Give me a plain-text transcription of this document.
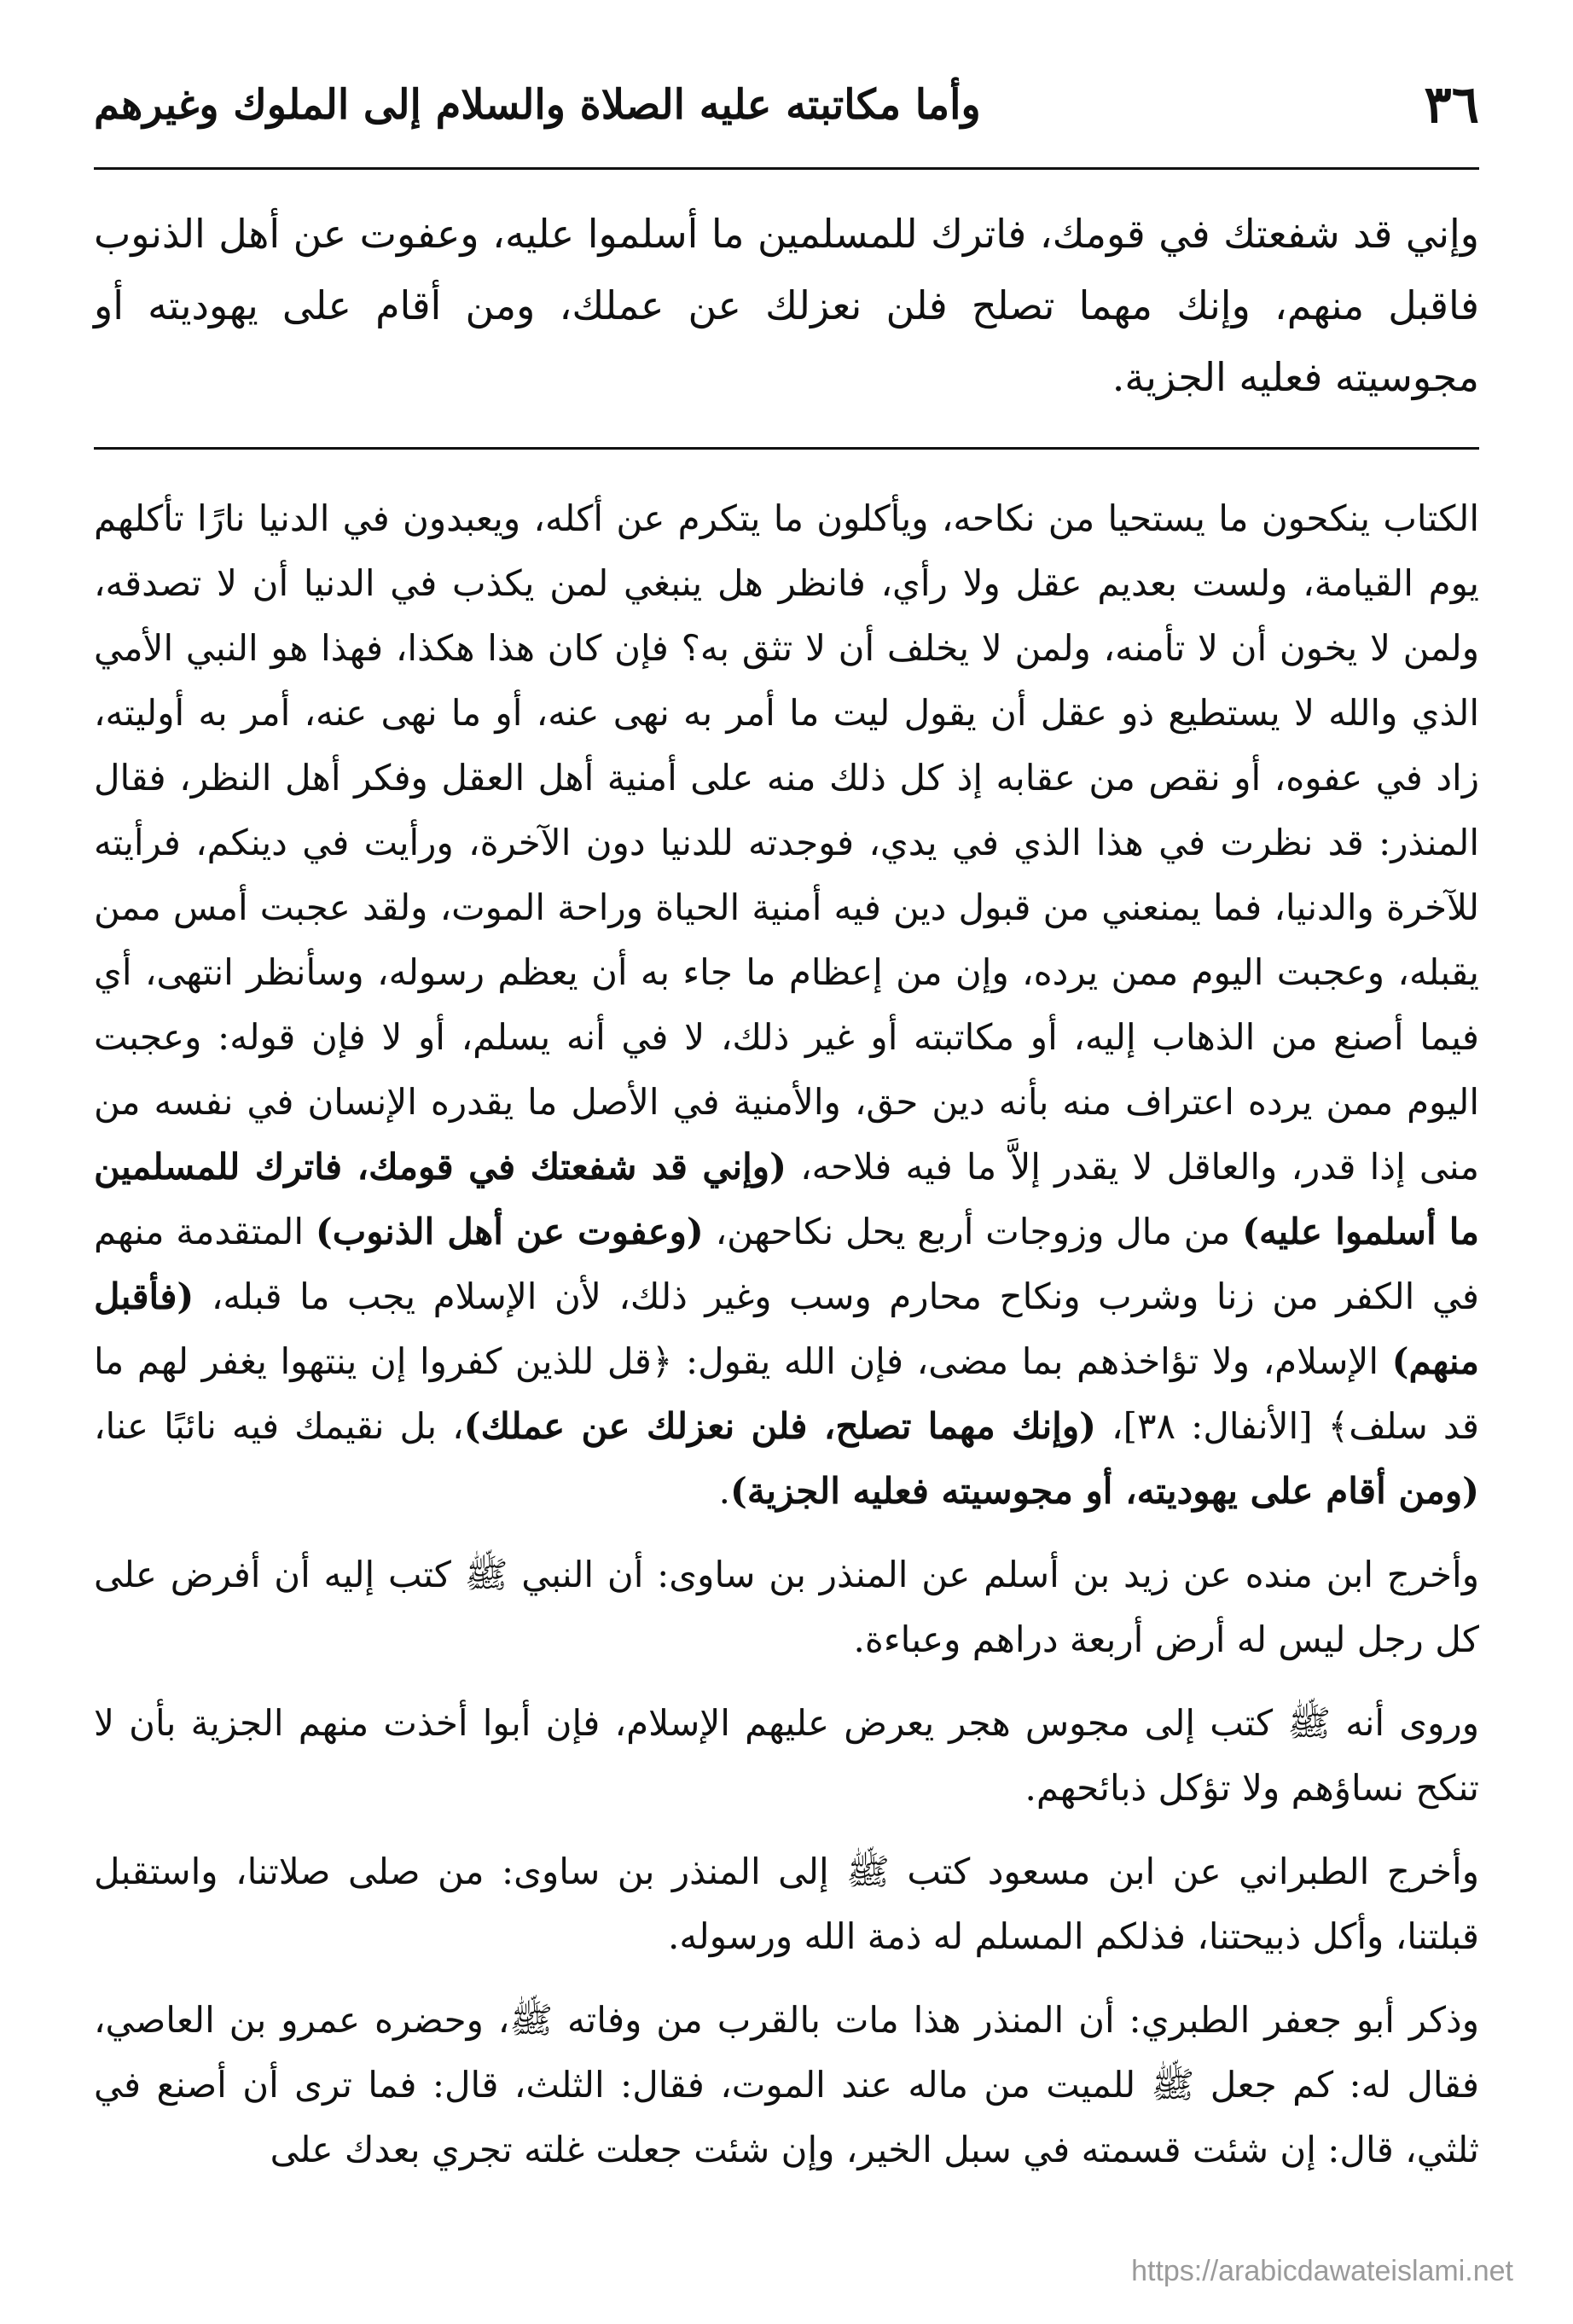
٣٦
وأما مكاتبته عليه الصلاة والسلام إلى الملوك وغيرهم
وإني قد شفعتك في قومك، فاترك للمسلمين ما أسلموا عليه، وعفوت عن أهل الذنوب فاقبل منهم، وإنك مهما تصلح فلن نعزلك عن عملك، ومن أقام على يهوديته أو مجوسيته فعليه الجزية.

الكتاب ينكحون ما يستحيا من نكاحه، ويأكلون ما يتكرم عن أكله، ويعبدون في الدنيا نارًا تأكلهم يوم القيامة، ولست بعديم عقل ولا رأي، فانظر هل ينبغي لمن يكذب في الدنيا أن لا تصدقه، ولمن لا يخون أن لا تأمنه، ولمن لا يخلف أن لا تثق به؟ فإن كان هذا هكذا، فهذا هو النبي الأمي الذي والله لا يستطيع ذو عقل أن يقول ليت ما أمر به نهى عنه، أو ما نهى عنه، أمر به أوليته، زاد في عفوه، أو نقص من عقابه إذ كل ذلك منه على أمنية أهل العقل وفكر أهل النظر، فقال المنذر: قد نظرت في هذا الذي في يدي، فوجدته للدنيا دون الآخرة، ورأيت في دينكم، فرأيته للآخرة والدنيا، فما يمنعني من قبول دين فيه أمنية الحياة وراحة الموت، ولقد عجبت أمس ممن يقبله، وعجبت اليوم ممن يرده، وإن من إعظام ما جاء به أن يعظم رسوله، وسأنظر انتهى، أي فيما أصنع من الذهاب إليه، أو مكاتبته أو غير ذلك، لا في أنه يسلم، أو لا فإن قوله: وعجبت اليوم ممن يرده اعتراف منه بأنه دين حق، والأمنية في الأصل ما يقدره الإنسان في نفسه من منى إذا قدر، والعاقل لا يقدر إلاَّ ما فيه فلاحه، (وإني قد شفعتك في قومك، فاترك للمسلمين ما أسلموا عليه) من مال وزوجات أربع يحل نكاحهن، (وعفوت عن أهل الذنوب) المتقدمة منهم في الكفر من زنا وشرب ونكاح محارم وسب وغير ذلك، لأن الإسلام يجب ما قبله، (فأقبل منهم) الإسلام، ولا تؤاخذهم بما مضى، فإن الله يقول: ﴿قل للذين كفروا إن ينتهوا يغفر لهم ما قد سلف﴾ [الأنفال: ٣٨]، (وإنك مهما تصلح، فلن نعزلك عن عملك)، بل نقيمك فيه نائبًا عنا، (ومن أقام على يهوديته، أو مجوسيته فعليه الجزية).

وأخرج ابن منده عن زيد بن أسلم عن المنذر بن ساوى: أن النبي ﷺ كتب إليه أن أفرض على كل رجل ليس له أرض أربعة دراهم وعباءة.

وروى أنه ﷺ كتب إلى مجوس هجر يعرض عليهم الإسلام، فإن أبوا أخذت منهم الجزية بأن لا تنكح نساؤهم ولا تؤكل ذبائحهم.

وأخرج الطبراني عن ابن مسعود كتب ﷺ إلى المنذر بن ساوى: من صلى صلاتنا، واستقبل قبلتنا، وأكل ذبيحتنا، فذلكم المسلم له ذمة الله ورسوله.

وذكر أبو جعفر الطبري: أن المنذر هذا مات بالقرب من وفاته ﷺ، وحضره عمرو بن العاصي، فقال له: كم جعل ﷺ للميت من ماله عند الموت، فقال: الثلث، قال: فما ترى أن أصنع في ثلثي، قال: إن شئت قسمته في سبل الخير، وإن شئت جعلت غلته تجري بعدك على

https://arabicdawateislami.net
